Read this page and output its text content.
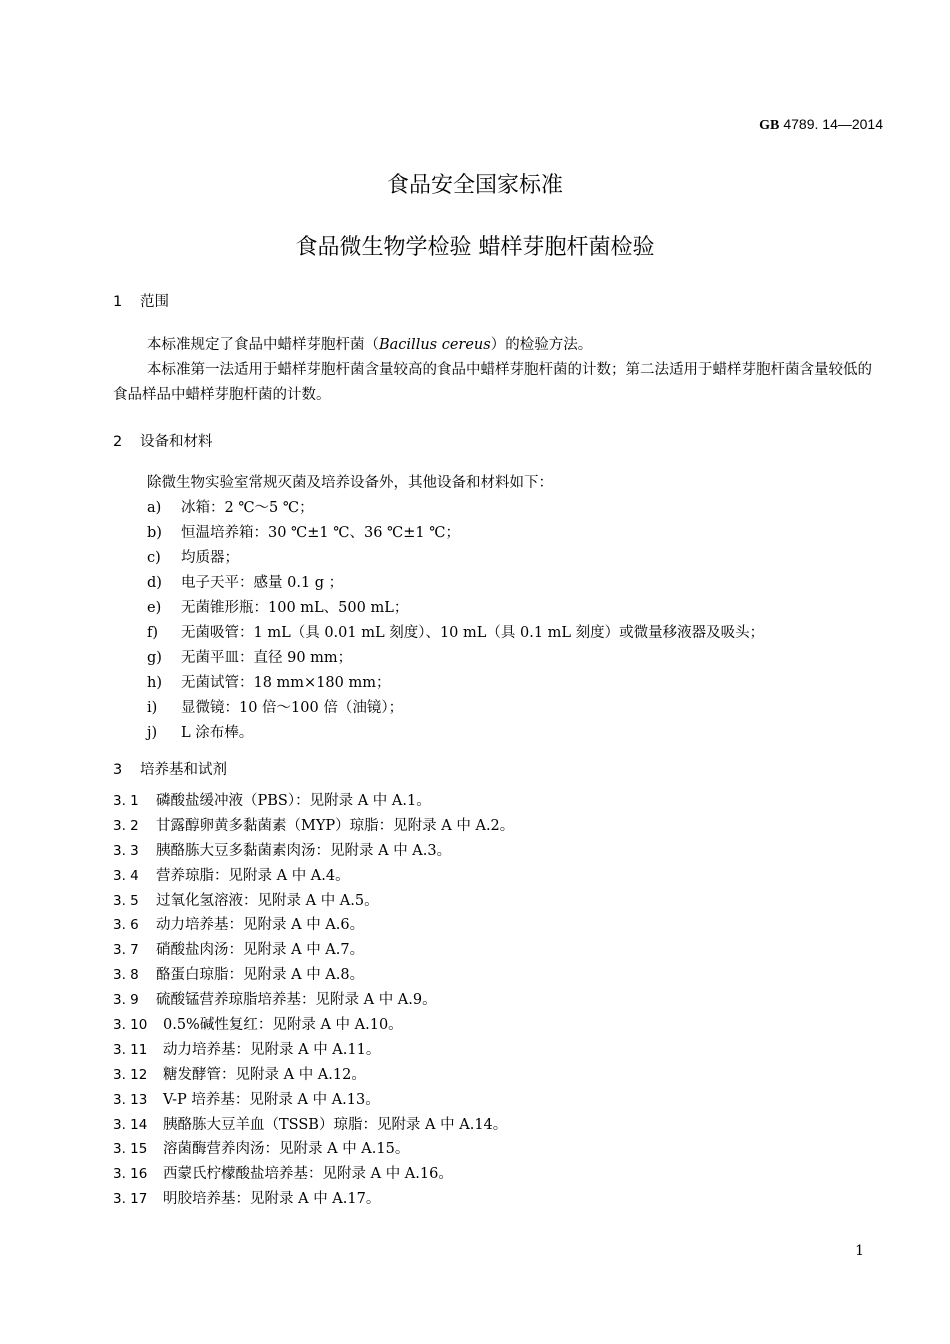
GB 4789. 14—2014
食品安全国家标准
食品微生物学检验 蜡样芽胞杆菌检验
1 范围

本标准规定了食品中蜡样芽胞杆菌（Bacillus cereus）的检验方法。

本标准第一法适用于蜡样芽胞杆菌含量较高的食品中蜡样芽胞杆菌的计数；第二法适用于蜡样芽胞杆菌含量较低的食品样品中蜡样芽胞杆菌的计数。

2 设备和材料
除微生物实验室常规灭菌及培养设备外，其他设备和材料如下：
a) 冰箱：2 ℃～5 ℃；
b) 恒温培养箱：30 ℃±1 ℃、36 ℃±1 ℃；
c) 均质器；
d) 电子天平：感量 0.1 g ；
e) 无菌锥形瓶：100 mL、500 mL；
f) 无菌吸管：1 mL（具 0.01 mL 刻度）、10 mL（具 0.1 mL 刻度）或微量移液器及吸头；
g) 无菌平皿：直径 90 mm；
h) 无菌试管：18 mm×180 mm；
i) 显微镜：10 倍～100 倍（油镜）；
j) L 涂布棒。
3 培养基和试剂
3. 1 磷酸盐缓冲液（PBS）：见附录 A 中 A.1。
3. 2 甘露醇卵黄多黏菌素（MYP）琼脂：见附录 A 中 A.2。
3. 3 胰酪胨大豆多黏菌素肉汤：见附录 A 中 A.3。
3. 4 营养琼脂：见附录 A 中 A.4。
3. 5 过氧化氢溶液：见附录 A 中 A.5。
3. 6 动力培养基：见附录 A 中 A.6。
3. 7 硝酸盐肉汤：见附录 A 中 A.7。
3. 8 酪蛋白琼脂：见附录 A 中 A.8。
3. 9 硫酸锰营养琼脂培养基：见附录 A 中 A.9。
3. 10 0.5%碱性复红：见附录 A 中 A.10。
3. 11 动力培养基：见附录 A 中 A.11。
3. 12 糖发酵管：见附录 A 中 A.12。
3. 13 V-P 培养基：见附录 A 中 A.13。
3. 14 胰酪胨大豆羊血（TSSB）琼脂：见附录 A 中 A.14。
3. 15 溶菌酶营养肉汤：见附录 A 中 A.15。
3. 16 西蒙氏柠檬酸盐培养基：见附录 A 中 A.16。
3. 17 明胶培养基：见附录 A 中 A.17。
1
